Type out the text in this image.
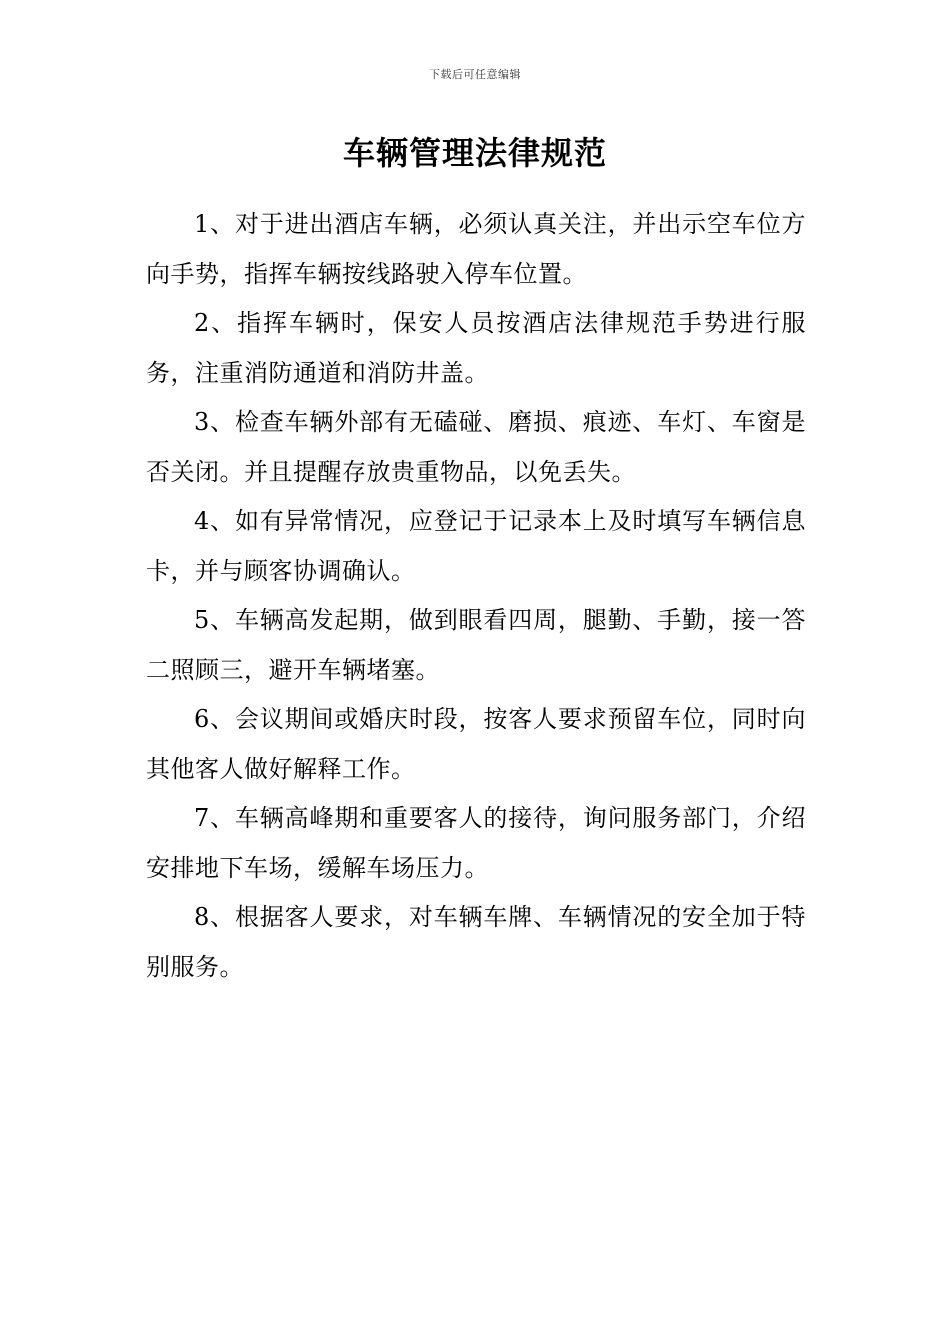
下载后可任意编辑
车辆管理法律规范

1、对于进出酒店车辆，必须认真关注，并出示空车位方向手势，指挥车辆按线路驶入停车位置。

2、指挥车辆时，保安人员按酒店法律规范手势进行服务，注重消防通道和消防井盖。

3、检查车辆外部有无磕碰、磨损、痕迹、车灯、车窗是否关闭。并且提醒存放贵重物品，以免丢失。

4、如有异常情况，应登记于记录本上及时填写车辆信息卡，并与顾客协调确认。

5、车辆高发起期，做到眼看四周，腿勤、手勤，接一答二照顾三，避开车辆堵塞。

6、会议期间或婚庆时段，按客人要求预留车位，同时向其他客人做好解释工作。

7、车辆高峰期和重要客人的接待，询问服务部门，介绍安排地下车场，缓解车场压力。

8、根据客人要求，对车辆车牌、车辆情况的安全加于特别服务。
